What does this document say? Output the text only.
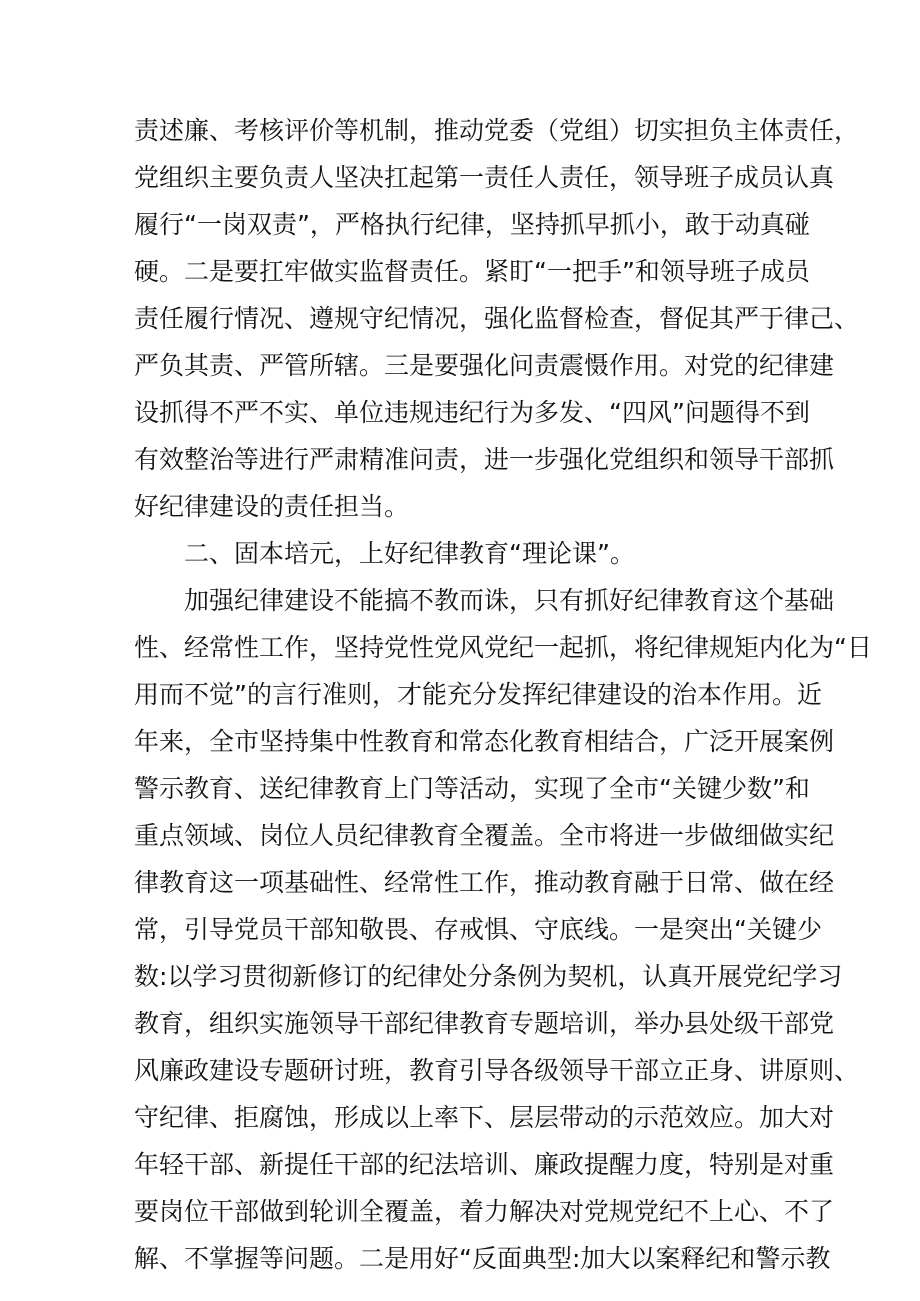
责述廉、考核评价等机制，推动党委（党组）切实担负主体责任，
党组织主要负责人坚决扛起第一责任人责任，领导班子成员认真
履行“一岗双责”，严格执行纪律，坚持抓早抓小，敢于动真碰
硬。二是要扛牢做实监督责任。紧盯“一把手”和领导班子成员
责任履行情况、遵规守纪情况，强化监督检查，督促其严于律己、
严负其责、严管所辖。三是要强化问责震慑作用。对党的纪律建
设抓得不严不实、单位违规违纪行为多发、“四风”问题得不到
有效整治等进行严肃精准问责，进一步强化党组织和领导干部抓
好纪律建设的责任担当。
二、固本培元，上好纪律教育“理论课”。
加强纪律建设不能搞不教而诛，只有抓好纪律教育这个基础
性、经常性工作，坚持党性党风党纪一起抓，将纪律规矩内化为“日
用而不觉”的言行准则，才能充分发挥纪律建设的治本作用。近
年来，全市坚持集中性教育和常态化教育相结合，广泛开展案例
警示教育、送纪律教育上门等活动，实现了全市“关键少数”和
重点领域、岗位人员纪律教育全覆盖。全市将进一步做细做实纪
律教育这一项基础性、经常性工作，推动教育融于日常、做在经
常，引导党员干部知敬畏、存戒惧、守底线。一是突出“关键少
数:以学习贯彻新修订的纪律处分条例为契机，认真开展党纪学习
教育，组织实施领导干部纪律教育专题培训，举办县处级干部党
风廉政建设专题研讨班，教育引导各级领导干部立正身、讲原则、
守纪律、拒腐蚀，形成以上率下、层层带动的示范效应。加大对
年轻干部、新提任干部的纪法培训、廉政提醒力度，特别是对重
要岗位干部做到轮训全覆盖，着力解决对党规党纪不上心、不了
解、不掌握等问题。二是用好“反面典型:加大以案释纪和警示教
